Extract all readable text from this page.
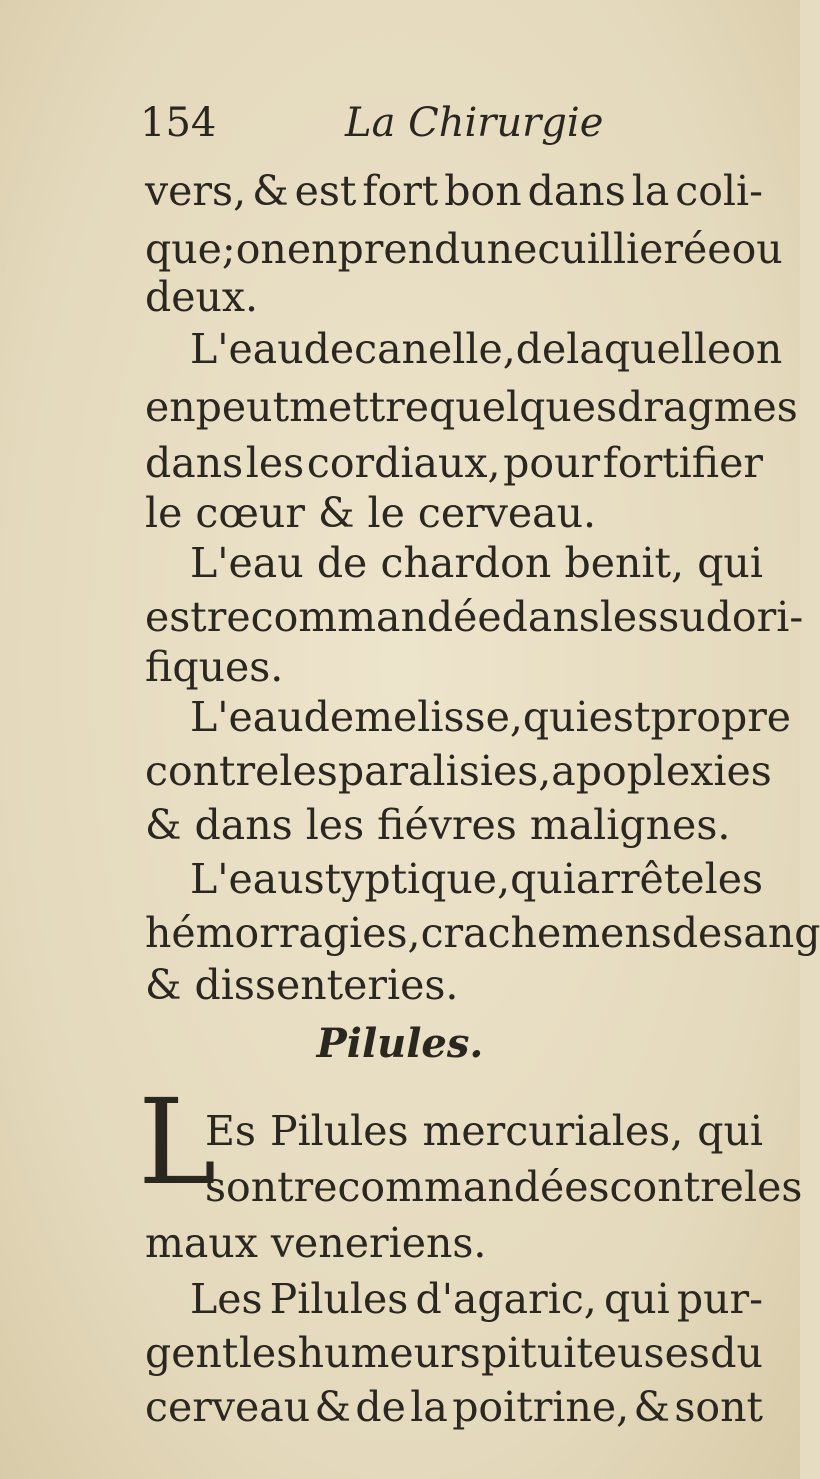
154	La Chirurgie
vers, & est fort bon dans la coli-
que; on en prend une cuillierée ou
deux.
L'eau de canelle, de laquelle on
en peut mettre quelques dragmes
dans les cordiaux, pour fortifier
le cœur & le cerveau.
L'eau de chardon benit, qui
est recommandée dans les sudori-
fiques.
L'eau de melisse, qui est propre
contre les paralisies, apoplexies
& dans les fiévres malignes.
L'eau styptique, qui arrête les
hémorragies, crachemens de sang
& dissenteries.
Pilules.
L
Es Pilules mercuriales, qui
sont recommandées contre les
maux veneriens.
Les Pilules d'agaric, qui pur-
gent les humeurs pituiteuses du
cerveau & de la poitrine, & sont
